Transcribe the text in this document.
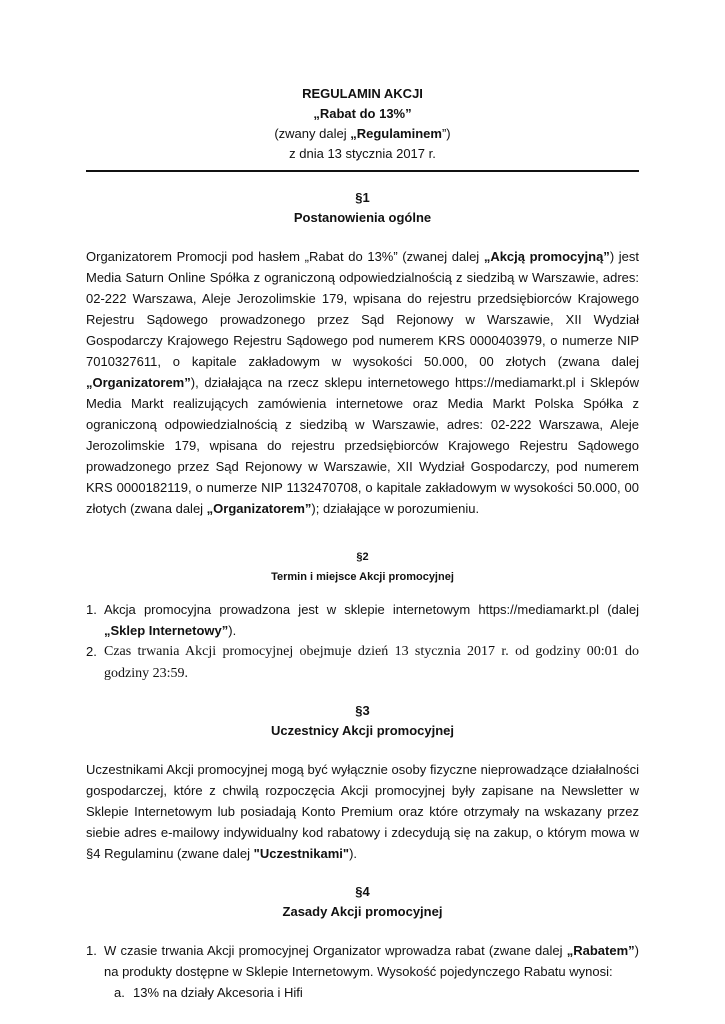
REGULAMIN AKCJI
„Rabat do 13%”
(zwany dalej „Regulaminem”)
z dnia 13 stycznia 2017 r.
§1
Postanowienia ogólne
Organizatorem Promocji pod hasłem „Rabat do 13%” (zwanej dalej „Akcją promocyjną”) jest Media Saturn Online Spółka z ograniczoną odpowiedzialnością z siedzibą w Warszawie, adres: 02-222 Warszawa, Aleje Jerozolimskie 179, wpisana do rejestru przedsiębiorców Krajowego Rejestru Sądowego prowadzonego przez Sąd Rejonowy w Warszawie, XII Wydział Gospodarczy Krajowego Rejestru Sądowego pod numerem KRS 0000403979, o numerze NIP 7010327611, o kapitale zakładowym w wysokości 50.000, 00 złotych (zwana dalej „Organizatorem”), działająca na rzecz sklepu internetowego https://mediamarkt.pl i Sklepów Media Markt realizujących zamówienia internetowe oraz Media Markt Polska Spółka z ograniczoną odpowiedzialnością z siedzibą w Warszawie, adres: 02-222 Warszawa, Aleje Jerozolimskie 179, wpisana do rejestru przedsiębiorców Krajowego Rejestru Sądowego prowadzonego przez Sąd Rejonowy w Warszawie, XII Wydział Gospodarczy, pod numerem KRS 0000182119, o numerze NIP 1132470708, o kapitale zakładowym w wysokości 50.000, 00 złotych (zwana dalej „Organizatorem”); działające w porozumieniu.
§2
Termin i miejsce Akcji promocyjnej
1. Akcja promocyjna prowadzona jest w sklepie internetowym https://mediamarkt.pl (dalej „Sklep Internetowy”).
2. Czas trwania Akcji promocyjnej obejmuje dzień 13 stycznia 2017 r. od godziny 00:01 do godziny 23:59.
§3
Uczestnicy Akcji promocyjnej
Uczestnikami Akcji promocyjnej mogą być wyłącznie osoby fizyczne nieprowadzące działalności gospodarczej, które z chwilą rozpoczęcia Akcji promocyjnej były zapisane na Newsletter w Sklepie Internetowym lub posiadają Konto Premium oraz które otrzymały na wskazany przez siebie adres e-mailowy indywidualny kod rabatowy i zdecydują się na zakup, o którym mowa w §4 Regulaminu (zwane dalej "Uczestnikami").
§4
Zasady Akcji promocyjnej
1. W czasie trwania Akcji promocyjnej Organizator wprowadza rabat (zwane dalej „Rabatem”) na produkty dostępne w Sklepie Internetowym. Wysokość pojedynczego Rabatu wynosi:
a. 13% na działy Akcesoria i Hifi
